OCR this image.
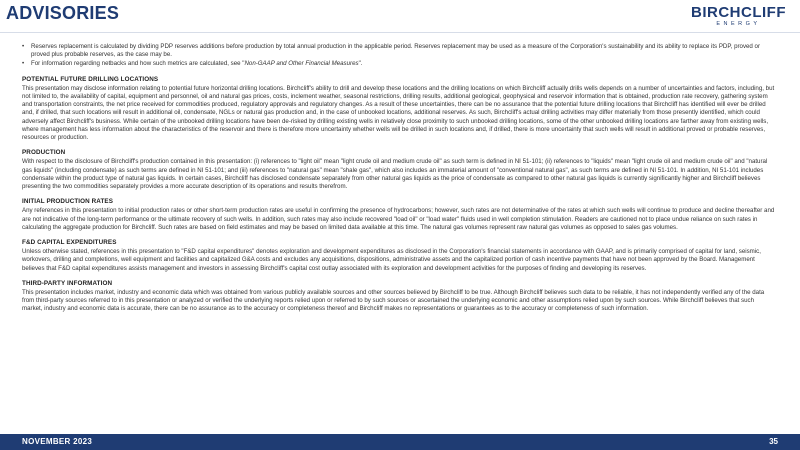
ADVISORIES	BIRCHCLIFF
ENERGY
• Reserves replacement is calculated by dividing PDP reserves additions before production by total annual production in the applicable period. Reserves replacement may be used as a measure of the Corporation's sustainability and its ability to replace its PDP, proved or proved plus probable reserves, as the case may be.
• For information regarding netbacks and how such metrics are calculated, see "Non-GAAP and Other Financial Measures".
POTENTIAL FUTURE DRILLING LOCATIONS

This presentation may disclose information relating to potential future horizontal drilling locations. Birchcliff's ability to drill and develop these locations and the drilling locations on which Birchcliff actually drills wells depends on a number of uncertainties and factors, including, but not limited to, the availability of capital, equipment and personnel, oil and natural gas prices, costs, inclement weather, seasonal restrictions, drilling results, additional geological, geophysical and reservoir information that is obtained, production rate recovery, gathering system and transportation constraints, the net price received for commodities produced, regulatory approvals and regulatory changes. As a result of these uncertainties, there can be no assurance that the potential future drilling locations that Birchcliff has identified will ever be drilled and, if drilled, that such locations will result in additional oil, condensate, NGLs or natural gas production and, in the case of unbooked locations, additional reserves. As such, Birchcliff's actual drilling activities may differ materially from those presently identified, which could adversely affect Birchcliff's business. While certain of the unbooked drilling locations have been de-risked by drilling existing wells in relatively close proximity to such unbooked drilling locations, some of the other unbooked drilling locations are farther away from existing wells, where management has less information about the characteristics of the reservoir and there is therefore more uncertainty whether wells will be drilled in such locations and, if drilled, there is more uncertainty that such wells will result in additional proved or probable reserves, resources or production.

PRODUCTION

With respect to the disclosure of Birchcliff's production contained in this presentation: (i) references to "light oil" mean "light crude oil and medium crude oil" as such term is defined in NI 51-101; (ii) references to "liquids" mean "light crude oil and medium crude oil" and "natural gas liquids" (including condensate) as such terms are defined in NI 51-101; and (iii) references to "natural gas" mean "shale gas", which also includes an immaterial amount of "conventional natural gas", as such terms are defined in NI 51-101. In addition, NI 51-101 includes condensate within the product type of natural gas liquids. In certain cases, Birchcliff has disclosed condensate separately from other natural gas liquids as the price of condensate as compared to other natural gas liquids is currently significantly higher and Birchcliff believes presenting the two commodities separately provides a more accurate description of its operations and results therefrom.

INITIAL PRODUCTION RATES

Any references in this presentation to initial production rates or other short-term production rates are useful in confirming the presence of hydrocarbons; however, such rates are not determinative of the rates at which such wells will continue to produce and decline thereafter and are not indicative of the long-term performance or the ultimate recovery of such wells. In addition, such rates may also include recovered "load oil" or "load water" fluids used in well completion stimulation. Readers are cautioned not to place undue reliance on such rates in calculating the aggregate production for Birchcliff. Such rates are based on field estimates and may be based on limited data available at this time. The natural gas volumes represent raw natural gas volumes as opposed to sales gas volumes.

F&D CAPITAL EXPENDITURES

Unless otherwise stated, references in this presentation to "F&D capital expenditures" denotes exploration and development expenditures as disclosed in the Corporation's financial statements in accordance with GAAP, and is primarily comprised of capital for land, seismic, workovers, drilling and completions, well equipment and facilities and capitalized G&A costs and excludes any acquisitions, dispositions, administrative assets and the capitalized portion of cash incentive payments that have not been approved by the Board. Management believes that F&D capital expenditures assists management and investors in assessing Birchcliff's capital cost outlay associated with its exploration and development activities for the purposes of finding and developing its reserves.

THIRD-PARTY INFORMATION

This presentation includes market, industry and economic data which was obtained from various publicly available sources and other sources believed by Birchcliff to be true. Although Birchcliff believes such data to be reliable, it has not independently verified any of the data from third-party sources referred to in this presentation or analyzed or verified the underlying reports relied upon or referred to by such sources or ascertained the underlying economic and other assumptions relied upon by such sources. While Birchcliff believes that such market, industry and economic data is accurate, there can be no assurance as to the accuracy or completeness thereof and Birchcliff makes no representations or guarantees as to the accuracy or completeness of such information.

NOVEMBER 2023	35
